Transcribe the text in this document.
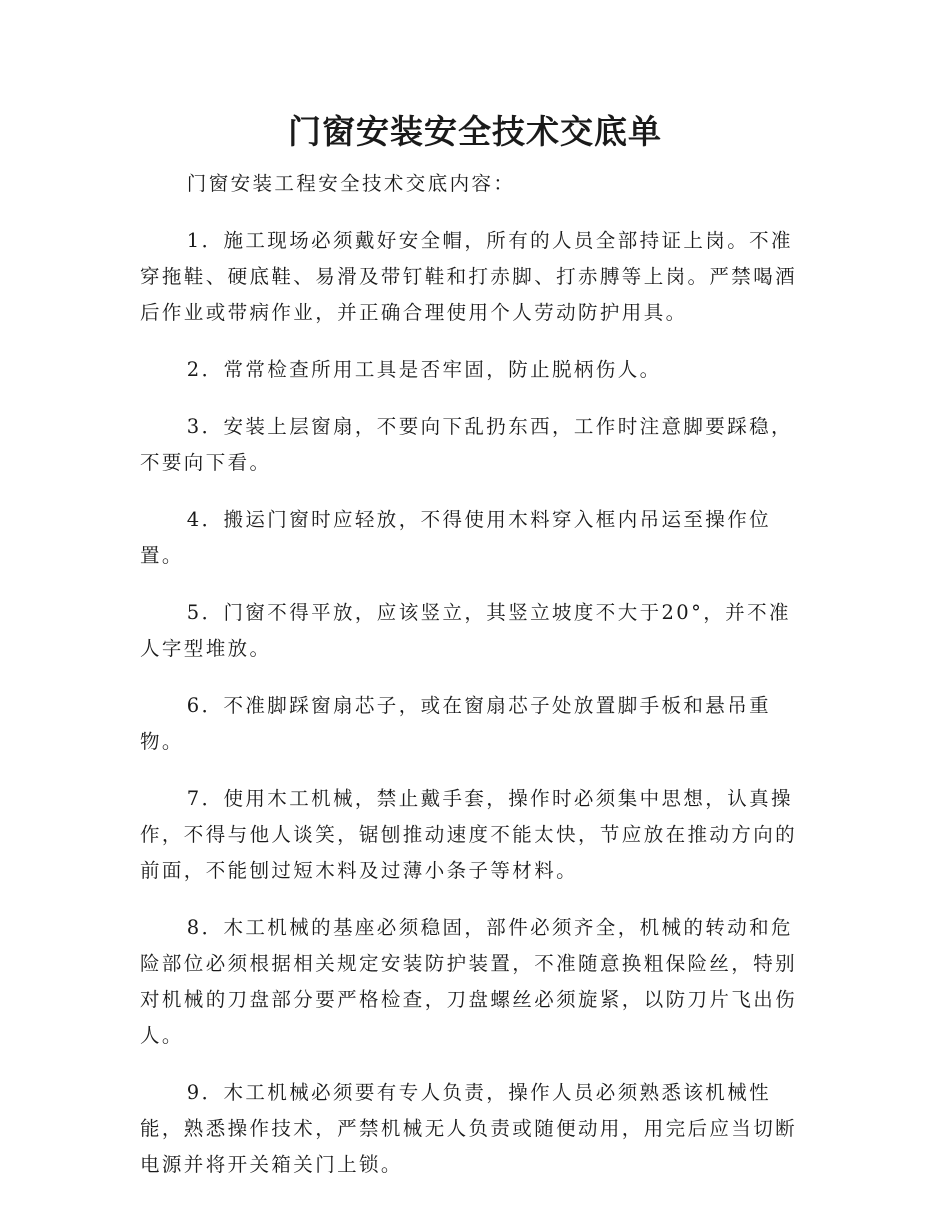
门窗安装安全技术交底单

门窗安装工程安全技术交底内容：

1．施工现场必须戴好安全帽，所有的人员全部持证上岗。不准穿拖鞋、硬底鞋、易滑及带钉鞋和打赤脚、打赤膊等上岗。严禁喝酒后作业或带病作业，并正确合理使用个人劳动防护用具。

2．常常检查所用工具是否牢固，防止脱柄伤人。

3．安装上层窗扇，不要向下乱扔东西，工作时注意脚要踩稳，不要向下看。

4．搬运门窗时应轻放，不得使用木料穿入框内吊运至操作位置。

5．门窗不得平放，应该竖立，其竖立坡度不大于20°，并不准人字型堆放。

6．不准脚踩窗扇芯子，或在窗扇芯子处放置脚手板和悬吊重物。

7．使用木工机械，禁止戴手套，操作时必须集中思想，认真操作，不得与他人谈笑，锯刨推动速度不能太快，节应放在推动方向的前面，不能刨过短木料及过薄小条子等材料。

8．木工机械的基座必须稳固，部件必须齐全，机械的转动和危险部位必须根据相关规定安装防护装置，不准随意换粗保险丝，特别对机械的刀盘部分要严格检查，刀盘螺丝必须旋紧，以防刀片飞出伤人。

9．木工机械必须要有专人负责，操作人员必须熟悉该机械性能，熟悉操作技术，严禁机械无人负责或随便动用，用完后应当切断电源并将开关箱关门上锁。
